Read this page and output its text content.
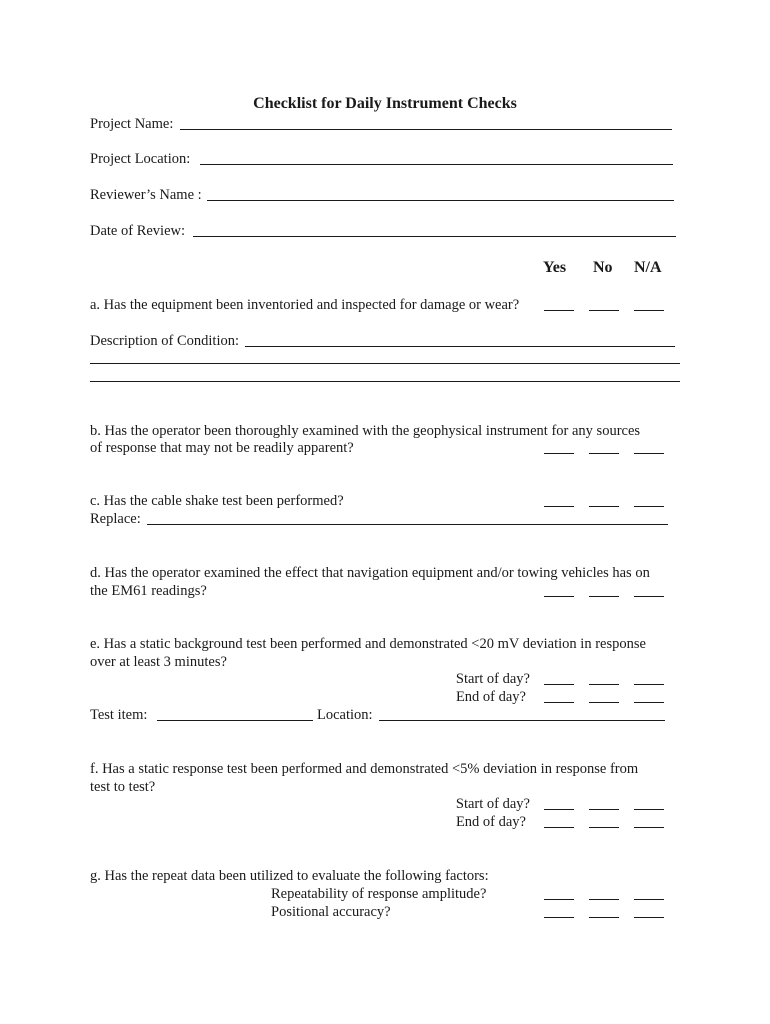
Checklist for Daily Instrument Checks
Project Name:
Project Location:
Reviewer’s Name :
Date of Review:
Yes No N/A
a. Has the equipment been inventoried and inspected for damage or wear?
Description of Condition:
b. Has the operator been thoroughly examined with the geophysical instrument for any sources
of response that may not be readily apparent?
c. Has the cable shake test been performed?
Replace:
d. Has the operator examined the effect that navigation equipment and/or towing vehicles has on
the EM61 readings?
e. Has a static background test been performed and demonstrated <20 mV deviation in response
over at least 3 minutes?
Start of day?
End of day?
Test item:	Location:
f. Has a static response test been performed and demonstrated <5% deviation in response from
test to test?
Start of day?
End of day?
g. Has the repeat data been utilized to evaluate the following factors:
Repeatability of response amplitude?
Positional accuracy?
